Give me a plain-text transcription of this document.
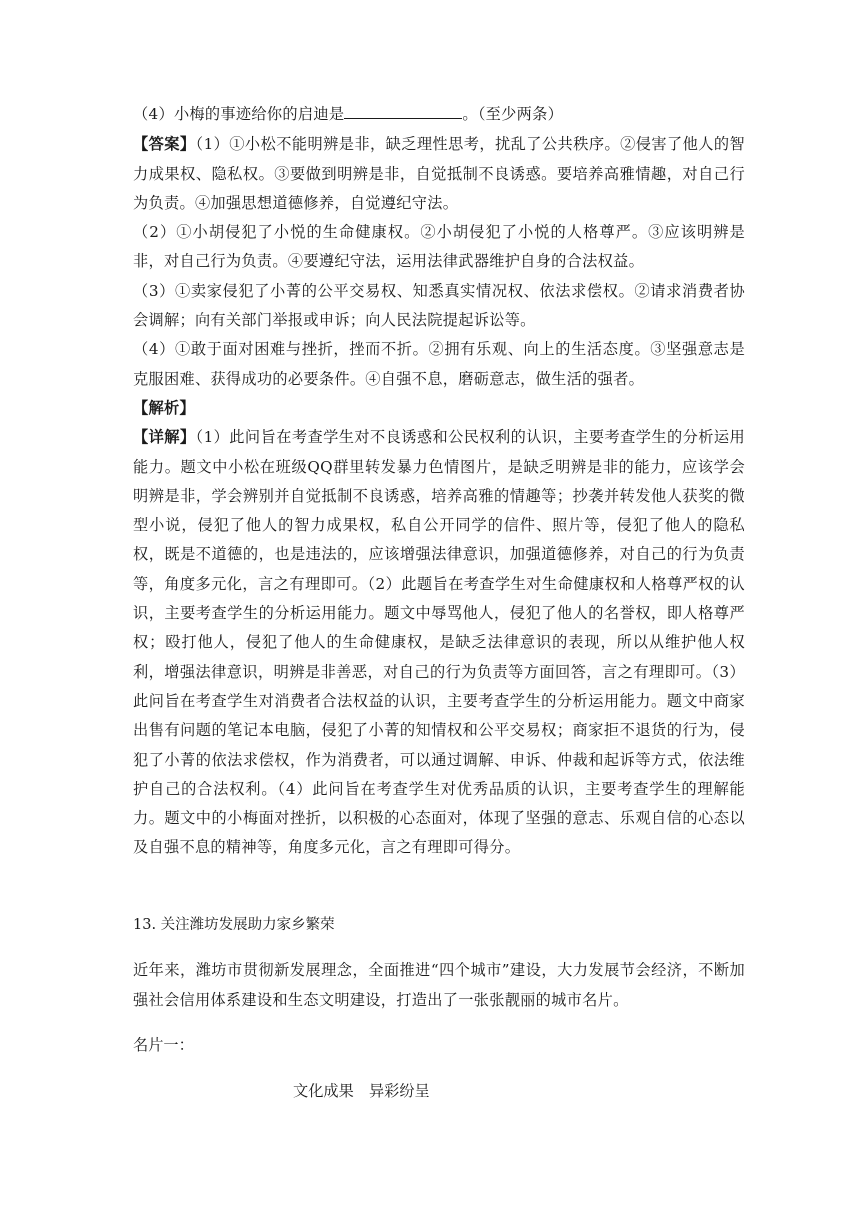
（4）小梅的事迹给你的启迪是	。（至少两条）

【答案】（1）①小松不能明辨是非，缺乏理性思考，扰乱了公共秩序。②侵害了他人的智力成果权、隐私权。③要做到明辨是非，自觉抵制不良诱惑。要培养高雅情趣，对自己行为负责。④加强思想道德修养，自觉遵纪守法。

（2）①小胡侵犯了小悦的生命健康权。②小胡侵犯了小悦的人格尊严。③应该明辨是非，对自己行为负责。④要遵纪守法，运用法律武器维护自身的合法权益。

（3）①卖家侵犯了小菁的公平交易权、知悉真实情况权、依法求偿权。②请求消费者协会调解；向有关部门举报或申诉；向人民法院提起诉讼等。

（4）①敢于面对困难与挫折，挫而不折。②拥有乐观、向上的生活态度。③坚强意志是克服困难、获得成功的必要条件。④自强不息，磨砺意志，做生活的强者。

【解析】

【详解】（1）此问旨在考查学生对不良诱惑和公民权利的认识，主要考查学生的分析运用能力。题文中小松在班级QQ群里转发暴力色情图片，是缺乏明辨是非的能力，应该学会明辨是非，学会辨别并自觉抵制不良诱惑，培养高雅的情趣等；抄袭并转发他人获奖的微型小说，侵犯了他人的智力成果权，私自公开同学的信件、照片等，侵犯了他人的隐私权，既是不道德的，也是违法的，应该增强法律意识，加强道德修养，对自己的行为负责等，角度多元化，言之有理即可。（2）此题旨在考查学生对生命健康权和人格尊严权的认识，主要考查学生的分析运用能力。题文中辱骂他人，侵犯了他人的名誉权，即人格尊严权；殴打他人，侵犯了他人的生命健康权，是缺乏法律意识的表现，所以从维护他人权利，增强法律意识，明辨是非善恶，对自己的行为负责等方面回答，言之有理即可。（3）此问旨在考查学生对消费者合法权益的认识，主要考查学生的分析运用能力。题文中商家出售有问题的笔记本电脑，侵犯了小菁的知情权和公平交易权；商家拒不退货的行为，侵犯了小菁的依法求偿权，作为消费者，可以通过调解、申诉、仲裁和起诉等方式，依法维护自己的合法权利。（4）此问旨在考查学生对优秀品质的认识，主要考查学生的理解能力。题文中的小梅面对挫折，以积极的心态面对，体现了坚强的意志、乐观自信的心态以及自强不息的精神等，角度多元化，言之有理即可得分。

13. 关注潍坊发展助力家乡繁荣

近年来，潍坊市贯彻新发展理念，全面推进“四个城市”建设，大力发展节会经济，不断加强社会信用体系建设和生态文明建设，打造出了一张张靓丽的城市名片。

名片一：

文化成果　异彩纷呈
